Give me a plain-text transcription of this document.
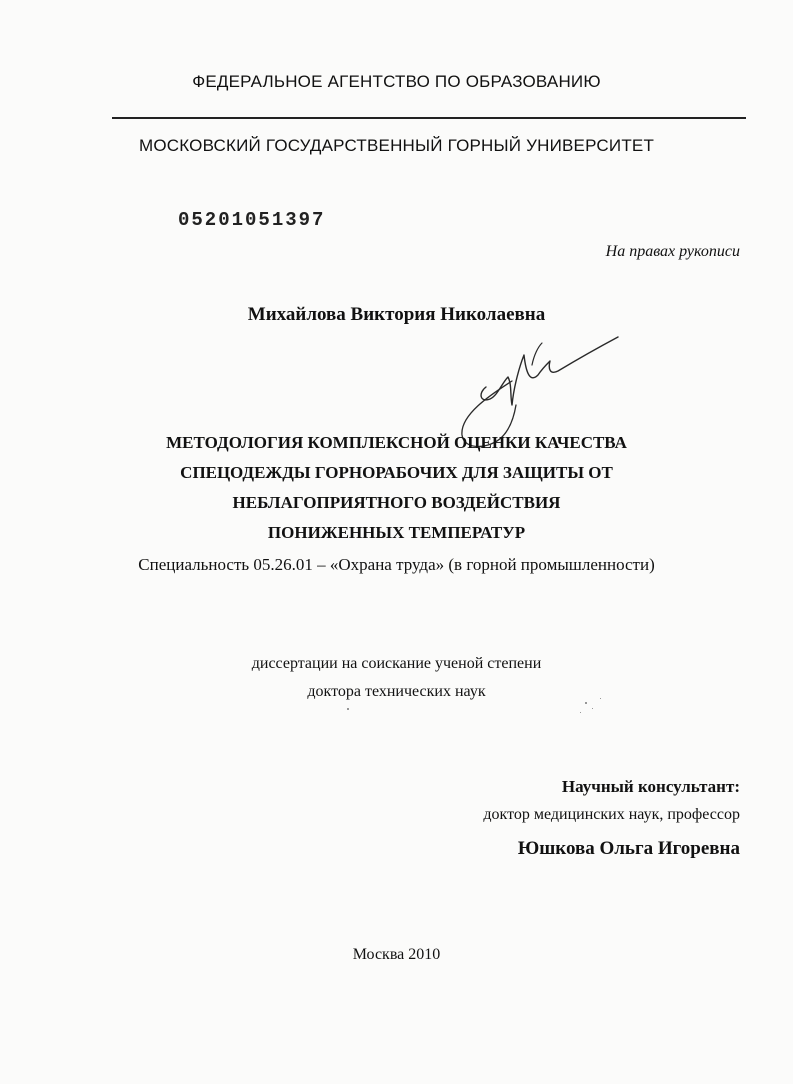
ФЕДЕРАЛЬНОЕ АГЕНТСТВО ПО ОБРАЗОВАНИЮ
МОСКОВСКИЙ ГОСУДАРСТВЕННЫЙ ГОРНЫЙ УНИВЕРСИТЕТ
05201051397
На правах рукописи
Михайлова Виктория Николаевна
МЕТОДОЛОГИЯ КОМПЛЕКСНОЙ ОЦЕНКИ КАЧЕСТВА
СПЕЦОДЕЖДЫ ГОРНОРАБОЧИХ ДЛЯ ЗАЩИТЫ ОТ
НЕБЛАГОПРИЯТНОГО ВОЗДЕЙСТВИЯ
ПОНИЖЕННЫХ ТЕМПЕРАТУР
Специальность 05.26.01 – «Охрана труда» (в горной промышленности)
диссертации на соискание ученой степени
доктора технических наук
Научный консультант:
доктор медицинских наук, профессор
Юшкова Ольга Игоревна
Москва 2010
